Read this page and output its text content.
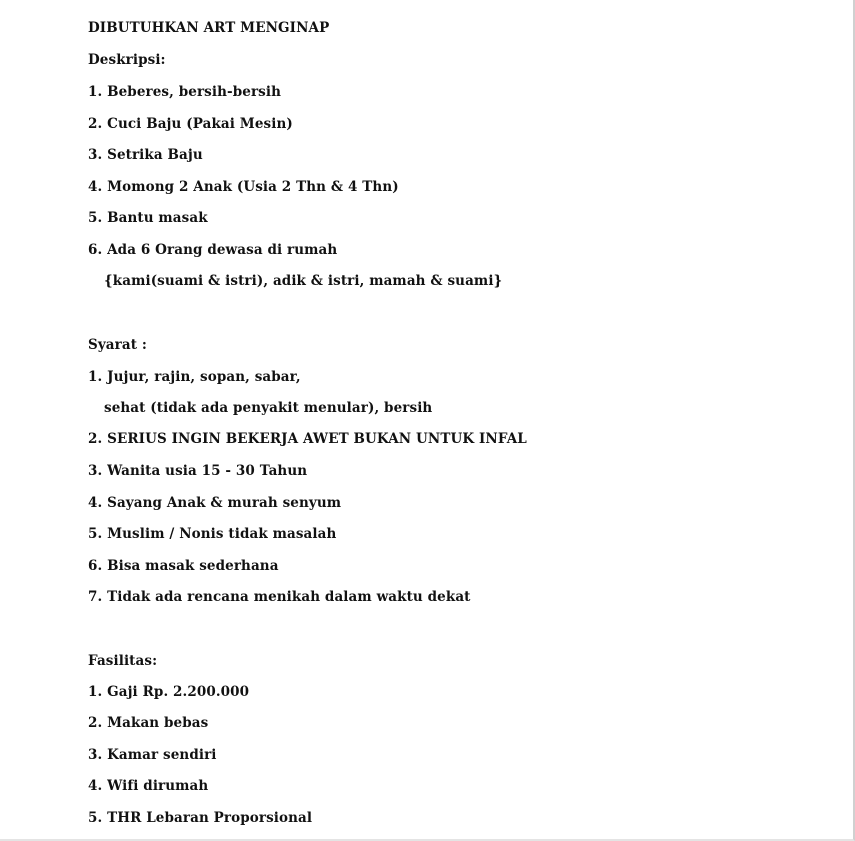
DIBUTUHKAN ART MENGINAP
Deskripsi:
1. Beberes, bersih-bersih
2. Cuci Baju (Pakai Mesin)
3. Setrika Baju
4. Momong 2 Anak (Usia 2 Thn & 4 Thn)
5. Bantu masak
6. Ada 6 Orang dewasa di rumah
{kami(suami & istri), adik & istri, mamah & suami}
Syarat :
1. Jujur, rajin, sopan, sabar,
sehat (tidak ada penyakit menular), bersih
2. SERIUS INGIN BEKERJA AWET BUKAN UNTUK INFAL
3. Wanita usia 15 - 30 Tahun
4. Sayang Anak & murah senyum
5. Muslim / Nonis tidak masalah
6. Bisa masak sederhana
7. Tidak ada rencana menikah dalam waktu dekat
Fasilitas:
1. Gaji Rp. 2.200.000
2. Makan bebas
3. Kamar sendiri
4. Wifi dirumah
5. THR Lebaran Proporsional
